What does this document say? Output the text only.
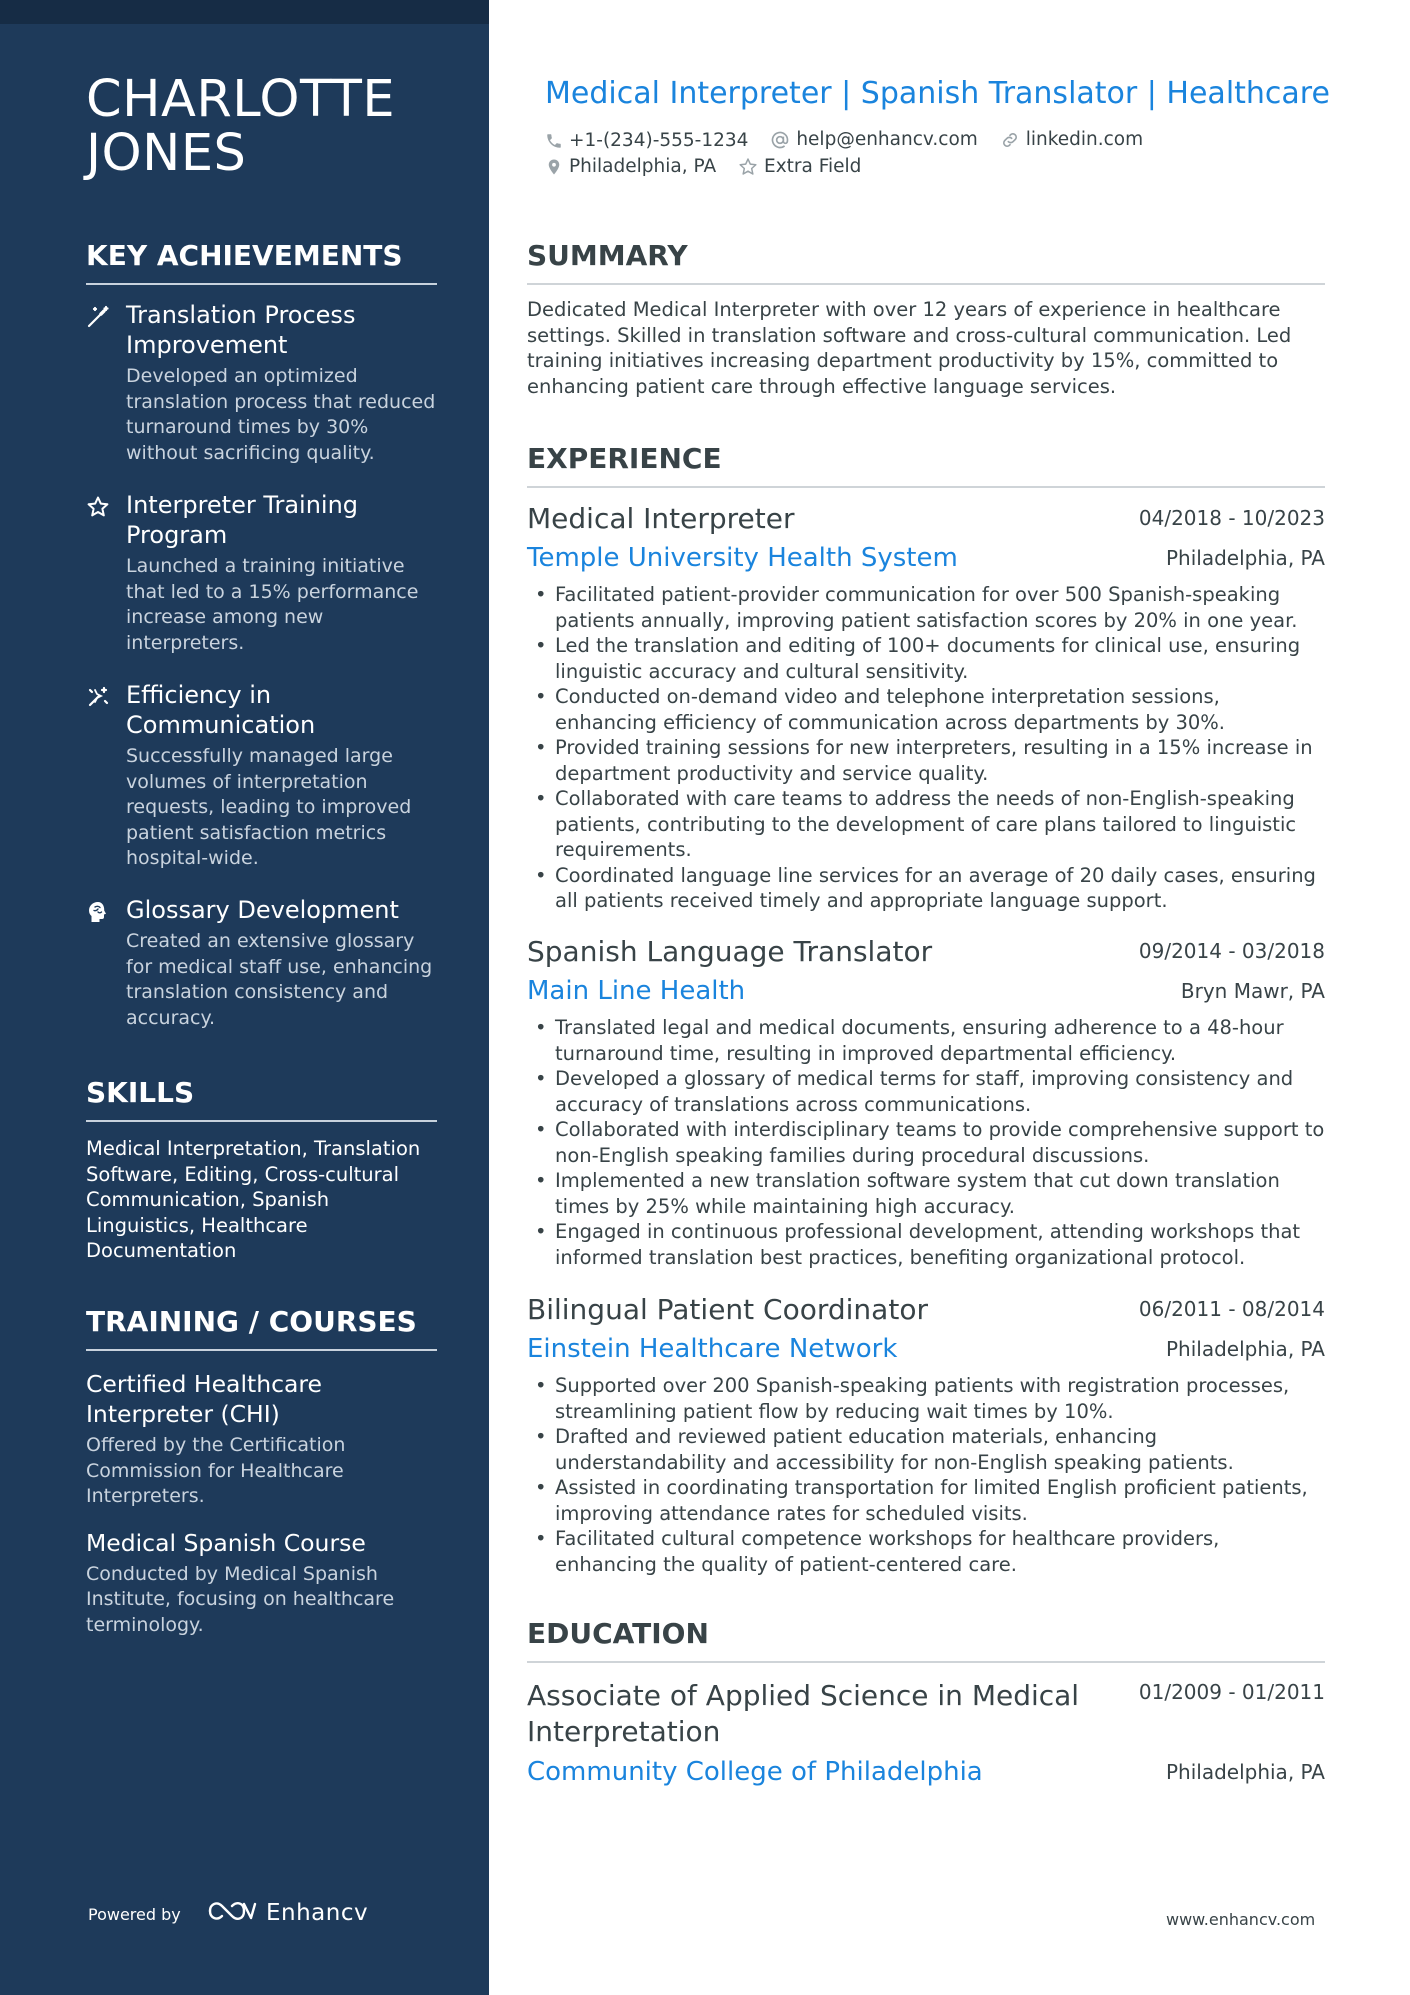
CHARLOTTE
JONES
KEY ACHIEVEMENTS
Translation Process Improvement
Developed an optimized translation process that reduced turnaround times by 30% without sacrificing quality.
Interpreter Training Program
Launched a training initiative that led to a 15% performance increase among new interpreters.
Efficiency in Communication
Successfully managed large volumes of interpretation requests, leading to improved patient satisfaction metrics hospital-wide.
Glossary Development
Created an extensive glossary for medical staff use, enhancing translation consistency and accuracy.
SKILLS

Medical Interpretation, Translation Software, Editing, Cross-cultural Communication, Spanish Linguistics, Healthcare Documentation

TRAINING / COURSES
Certified Healthcare Interpreter (CHI)
Offered by the Certification Commission for Healthcare Interpreters.
Medical Spanish Course
Conducted by Medical Spanish Institute, focusing on healthcare terminology.
Powered by	Enhancv
Medical Interpreter | Spanish Translator | Healthcare
+1-(234)-555-1234
	help@enhancv.com
	linkedin.com
Philadelphia, PA
	Extra Field
SUMMARY

Dedicated Medical Interpreter with over 12 years of experience in healthcare settings. Skilled in translation software and cross-cultural communication. Led training initiatives increasing department productivity by 15%, committed to enhancing patient care through effective language services.

EXPERIENCE
Medical Interpreter	04/2018 - 10/2023
Temple University Health System	Philadelphia, PA
• Facilitated patient-provider communication for over 500 Spanish-speaking patients annually, improving patient satisfaction scores by 20% in one year.
• Led the translation and editing of 100+ documents for clinical use, ensuring linguistic accuracy and cultural sensitivity.
• Conducted on-demand video and telephone interpretation sessions, enhancing efficiency of communication across departments by 30%.
• Provided training sessions for new interpreters, resulting in a 15% increase in department productivity and service quality.
• Collaborated with care teams to address the needs of non-English-speaking patients, contributing to the development of care plans tailored to linguistic requirements.
• Coordinated language line services for an average of 20 daily cases, ensuring all patients received timely and appropriate language support.
Spanish Language Translator	09/2014 - 03/2018
Main Line Health	Bryn Mawr, PA
• Translated legal and medical documents, ensuring adherence to a 48-hour turnaround time, resulting in improved departmental efficiency.
• Developed a glossary of medical terms for staff, improving consistency and accuracy of translations across communications.
• Collaborated with interdisciplinary teams to provide comprehensive support to non-English speaking families during procedural discussions.
• Implemented a new translation software system that cut down translation times by 25% while maintaining high accuracy.
• Engaged in continuous professional development, attending workshops that informed translation best practices, benefiting organizational protocol.
Bilingual Patient Coordinator	06/2011 - 08/2014
Einstein Healthcare Network	Philadelphia, PA
• Supported over 200 Spanish-speaking patients with registration processes, streamlining patient flow by reducing wait times by 10%.
• Drafted and reviewed patient education materials, enhancing understandability and accessibility for non-English speaking patients.
• Assisted in coordinating transportation for limited English proficient patients, improving attendance rates for scheduled visits.
• Facilitated cultural competence workshops for healthcare providers, enhancing the quality of patient-centered care.
EDUCATION
Associate of Applied Science in Medical Interpretation
01/2009 - 01/2011
Community College of Philadelphia	Philadelphia, PA
www.enhancv.com
